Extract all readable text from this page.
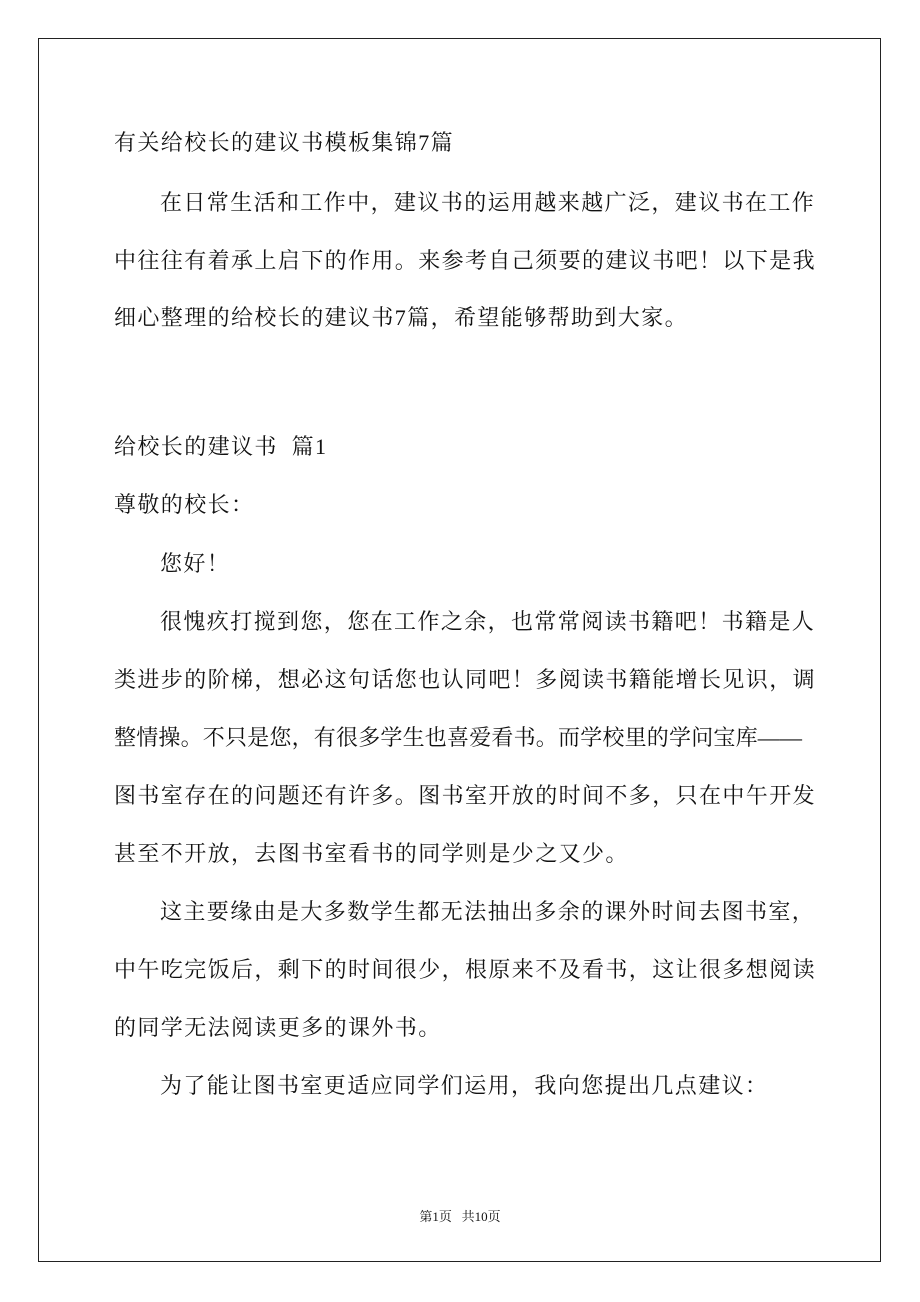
有关给校长的建议书模板集锦7篇
在日常生活和工作中，建议书的运用越来越广泛，建议书在工作
中往往有着承上启下的作用。来参考自己须要的建议书吧！以下是我
细心整理的给校长的建议书7篇，希望能够帮助到大家。
给校长的建议书  篇1
尊敬的校长：
您好！
很愧疚打搅到您，您在工作之余，也常常阅读书籍吧！书籍是人
类进步的阶梯，想必这句话您也认同吧！多阅读书籍能增长见识，调
整情操。不只是您，有很多学生也喜爱看书。而学校里的学问宝库——
图书室存在的问题还有许多。图书室开放的时间不多，只在中午开发
甚至不开放，去图书室看书的同学则是少之又少。
这主要缘由是大多数学生都无法抽出多余的课外时间去图书室，
中午吃完饭后，剩下的时间很少，根原来不及看书，这让很多想阅读
的同学无法阅读更多的课外书。
为了能让图书室更适应同学们运用，我向您提出几点建议：
第1页   共10页
